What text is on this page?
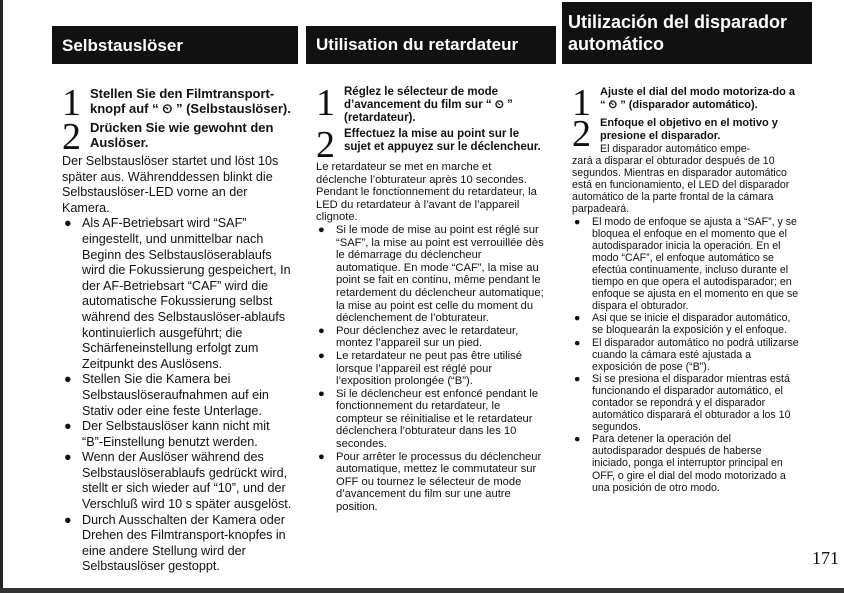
Selbstauslöser	Utilisation du retardateur
Utilización del disparador
automático
1 Stellen Sie den Filmtransport-knopf auf “ ⏲ ” (Selbstauslöser).
2 Drücken Sie wie gewohnt den Auslöser.

Der Selbstauslöser startet und löst 10s später aus. Währenddessen blinkt die Selbstauslöser-LED vorne an der Kamera.

● Als AF-Betriebsart wird “SAF” eingestellt, und unmittelbar nach Beginn des Selbstauslöserablaufs wird die Fokussierung gespeichert, In der AF-Betriebsart “CAF” wird die automatische Fokussierung selbst während des Selbstauslöser-ablaufs kontinuierlich ausgeführt; die Schärfeneinstellung erfolgt zum Zeitpunkt des Auslösens.
● Stellen Sie die Kamera bei Selbstauslöseraufnahmen auf ein Stativ oder eine feste Unterlage.
● Der Selbstauslöser kann nicht mit “B”-Einstellung benutzt werden.
● Wenn der Auslöser während des Selbstauslöserablaufs gedrückt wird, stellt er sich wieder auf “10”, und der Verschluß wird 10 s später ausgelöst.
● Durch Ausschalten der Kamera oder Drehen des Filmtransport-knopfes in eine andere Stellung wird der Selbstauslöser gestoppt.
1 Réglez le sélecteur de mode d’avancement du film sur “ ⏲ ” (retardateur).
2 Effectuez la mise au point sur le sujet et appuyez sur le déclencheur.

Le retardateur se met en marche et déclenche l’obturateur après 10 secondes. Pendant le fonctionnement du retardateur, la LED du retardateur à l’avant de l’appareil clignote.

● Si le mode de mise au point est réglé sur “SAF”, la mise au point est verrouillée dès le démarrage du déclencheur automatique. En mode “CAF”, la mise au point se fait en continu, même pendant le retardement du déclencheur automatique; la mise au point est celle du moment du déclenchement de l’obturateur.
● Pour déclenchez avec le retardateur, montez l’appareil sur un pied.
● Le retardateur ne peut pas être utilisé lorsque l’appareil est réglé pour l’exposition prolongée (“B”).
● Si le déclencheur est enfoncé pendant le fonctionnement du retardateur, le compteur se réinitialise et le retardateur déclenchera l’obturateur dans les 10 secondes.
● Pour arrêter le processus du déclencheur automatique, mettez le commutateur sur OFF ou tournez le sélecteur de mode d’avancement du film sur une autre position.
1 Ajuste el dial del modo motoriza-do a “ ⏲ ” (disparador automático).
2 Enfoque el objetivo en el motivo y presione el disparador.

El disparador automático empe-

zará a disparar el obturador después de 10 segundos. Mientras en disparador automático está en funcionamiento, el LED del disparador automático de la parte frontal de la cámara parpadeará.

● El modo de enfoque se ajusta a “SAF”, y se bloquea el enfoque en el momento que el autodisparador inicia la operación. En el modo “CAF”, el enfoque automático se efectúa continuamente, incluso durante el tiempo en que opera el autodisparador; en enfoque se ajusta en el momento en que se dispara el obturador.
● Asi que se inicie el disparador automático, se bloquearán la exposición y el enfoque.
● El disparador automático no podrá utilizarse cuando la cámara esté ajustada a exposición de pose (“B”).
● Si se presiona el disparador mientras está funcionando el disparador automático, el contador se repondrá y el disparador automático disparará el obturador a los 10 segundos.
● Para detener la operación del autodisparador después de haberse iniciado, ponga el interruptor principal en OFF, o gire el dial del modo motorizado a una posición de otro modo.
171
